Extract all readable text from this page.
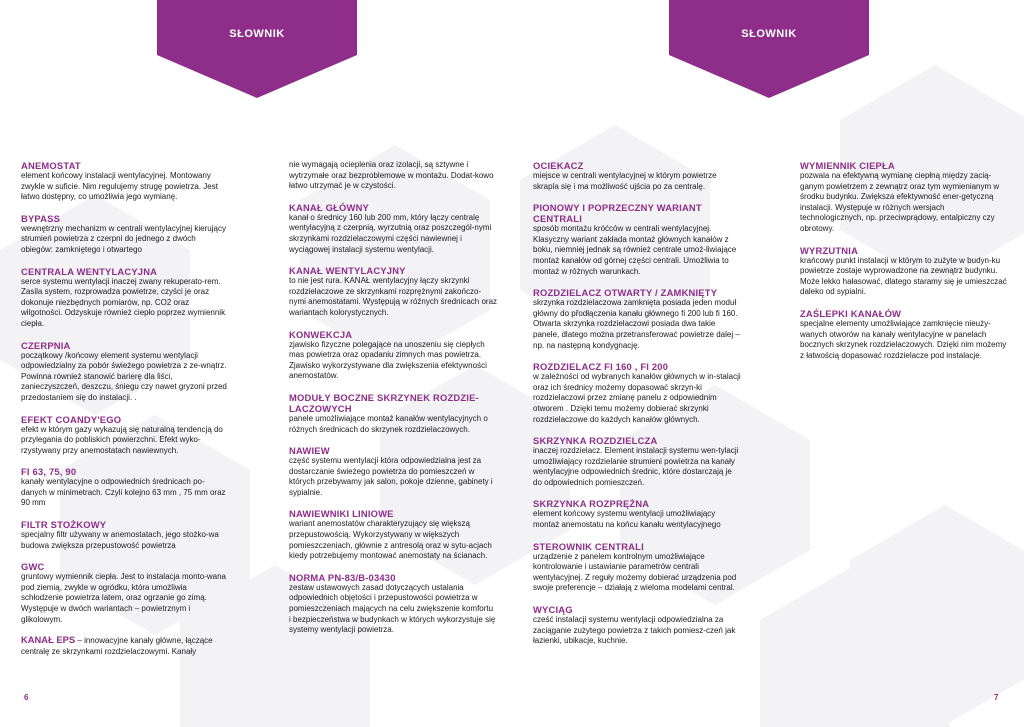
SŁOWNIK	SŁOWNIK
ANEMOSTAT
element końcowy instalacji wentylacyjnej. Montowany zwykle w suficie. Nim regulujemy strugę powietrza. Jest łatwo dostępny, co umożliwia jego wymianę.
BYPASS
wewnętrzny mechanizm w centrali wentylacyjnej kierujący strumień powietrza z czerpni do jednego z dwóch obiegów: zamkniętego i otwartego
CENTRALA WENTYLACYJNA
serce systemu wentylacji inaczej zwany rekuperato-rem. Zasila system, rozprowadza powietrze, czyści je oraz dokonuje niezbędnych pomiarów, np. CO2 oraz wilgotności. Odzyskuje również ciepło poprzez wymiennik ciepła.
CZERPNIA
początkowy /końcowy element systemu wentylacji odpowiedzialny za pobór świeżego powietrza z ze-wnątrz. Powinna również stanowić barierę dla liści, zanieczyszczeń, deszczu, śniegu czy nawet gryzoni przed przedostaniem się do instalacji. .
EFEKT COANDY'EGO
efekt w którym gazy wykazują się naturalną tendencją do przylegania do pobliskich powierzchni. Efekt wyko-rzystywany przy anemostatach nawiewnych.
FI 63, 75, 90
kanały wentylacyjne o odpowiednich średnicach po-danych w minimetrach. Czyli kolejno 63 mm , 75 mm oraz 90 mm
FILTR STOŻKOWY
specjalny filtr używany w anemostatach, jego stożko-wa budowa zwiększa przepustowość powietrza
GWC
gruntowy wymiennik ciepła. Jest to instalacja monto-wana pod ziemią, zwykle w ogródku, która umożliwia schłodzenie powietrza latem, oraz ogrzanie go zimą. Występuje w dwóch wariantach – powietrznym i glikolowym.
KANAŁ EPS – innowacyjne kanały główne, łączące centralę ze skrzynkami rozdzielaczowymi. Kanały
nie wymagają ocieplenia oraz izolacji, są sztywne i wytrzymałe oraz bezproblemowe w montażu. Dodat-kowo łatwo utrzymać je w czystości.
KANAŁ GŁÓWNY
kanał o średnicy 160 lub 200 mm, który łączy centralę wentylacyjną z czerpnią, wyrzutnią oraz poszczegól-nymi skrzynkami rozdzielaczowymi części nawiewnej i wyciągowej instalacji systemu wentylacji.
KANAŁ WENTYLACYJNY
to nie jest rura. KANAŁ wentylacyjny łączy skrzynki rozdzielaczowe ze skrzynkami rozprężnymi zakończo-nymi anemostatami. Występują w różnych średnicach oraz wariantach kolorystycznych.
KONWEKCJA
zjawisko fizyczne polegające na unoszeniu się ciepłych mas powietrza oraz opadaniu zimnych mas powietrza. Zjawisko wykorzystywane dla zwiększenia efektywności anemostatów.
MODUŁY BOCZNE SKRZYNEK ROZDZIE-LACZOWYCH
panele umożliwiające montaż kanałów wentylacyjnych o różnych średnicach do skrzynek rozdzielaczowych.
NAWIEW
część systemu wentylacji która odpowiedzialna jest za dostarczanie świeżego powietrza do pomieszczeń w których przebywamy jak salon, pokoje dzienne, gabinety i sypialnie.
NAWIEWNIKI LINIOWE
wariant anemostatów charakteryzujący się większą przepustowością. Wykorzystywany w większych pomieszczeniach, głównie z antresolą oraz w sytu-acjach kiedy potrzebujemy montować anemostaty na ścianach.
NORMA PN-83/B-03430
zestaw ustawowych zasad dotyczących ustalania odpowiednich objętości i przepustowości powietrza w pomieszczeniach mających na celu zwiększenie komfortu i bezpieczeństwa w budynkach w których wykorzystuje się systemy wentylacji powietrza.
OCIEKACZ
miejsce w centrali wentylacyjnej w którym powietrze skrapla się i ma możliwość ujścia po za centralę.
PIONOWY I POPRZECZNY WARIANT CENTRALI
sposób montażu króćców w centrali wentylacyjnej. Klasyczny wariant zakłada montaż głównych kanałów z boku, niemniej jednak są również centrale umoż-liwiające montaż kanałów od górnej części centrali. Umożliwia to montaż w różnych warunkach.
ROZDZIELACZ OTWARTY / ZAMKNIĘTY
skrzynka rozdzielaczowa zamknięta posiada jeden moduł główny do přodłączenia kanału głównego fi 200 lub fi 160. Otwarta skrzynka rozdzielaczowi posiada dwa takie panele, dlatego można przetransferować powietrze dalej – np. na następną kondygnację.
ROZDZIELACZ FI 160 , FI 200
w zależności od wybranych kanałów głównych w in-stalacji oraz ich średnicy możemy dopasować skrzyn-ki rozdzielaczowi przez zmianę panelu z odpowiednim otworem . Dzięki temu możemy dobierać skrzynki rozdzielaczowe do każdych kanałów głównych.
SKRZYNKA ROZDZIELCZA
inaczej rozdzielacz. Element instalacji systemu wen-tylacji umożliwiający rozdzielanie strumieni powietrza na kanały wentylacyjne odpowiednich średnic, które dostarczają je do odpowiednich pomieszczeń.
SKRZYNKA ROZPRĘŻNA
element końcowy systemu wentylacji umożliwiający montaż anemostatu na końcu kanału wentylacyjnego
STEROWNIK CENTRALI
urządzenie z panelem kontrolnym umożliwiające kontrolowanie i ustawianie parametrów centrali wentylacyjnej. Z reguły możemy dobierać urządzenia pod swoje preferencje – działają z wieloma modelami central.
WYCIĄG
cześć instalacji systemu wentylacji odpowiedzialna za zaciąganie zużytego powietrza z takich pomiesz-czeń jak łazienki, ubikacje, kuchnie.
WYMIENNIK CIEPŁA
pozwala na efektywną wymianę ciepłną między zacią-ganym powietrzem z zewnątrz oraz tym wymienianym w środku budynku. Zwiększa efektywność ener-getyczną instalacji. Występuje w różnych wersjach technologicznych, np. przeciwprądowy, entalpiczny czy obrotowy.
WYRZUTNIA
krańcowy punkt instalacji w którym to zużyte w budyn-ku powietrze zostaje wyprowadzone na zewnątrz budynku. Może lekko hałasować, dlatego staramy się je umieszczać daleko od sypialni.
ZAŚLEPKI KANAŁÓW
specjalne elementy umożliwiające zamknięcie nieuży-wanych otworów na kanały wentylacyjne w panelach bocznych skrzynek rozdzielaczowych. Dzięki nim możemy z łatwością dopasować rozdzielacze pod instalacje.
6	7
